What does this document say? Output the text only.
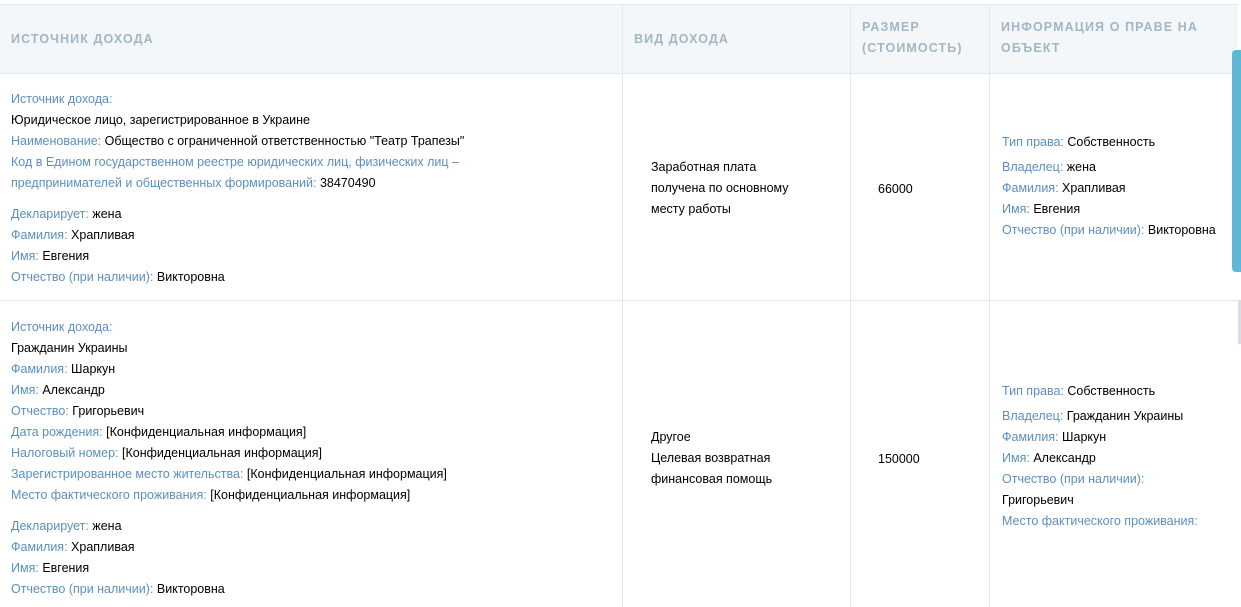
ИСТОЧНИК ДОХОДА	ВИД ДОХОДА
РАЗМЕР
(СТОИМОСТЬ)
ИНФОРМАЦИЯ О ПРАВЕ НА
ОБЪЕКТ
Источник дохода:
Юридическое лицо, зарегистрированное в Украине
Наименование: Общество с ограниченной ответственностью "Театр Трапезы"
Код в Едином государственном реестре юридических лиц, физических лиц –
предпринимателей и общественных формирований: 38470490
Декларирует: жена
Фамилия: Храпливая
Имя: Евгения
Отчество (при наличии): Викторовна
Заработная плата
получена по основному
месту работы
66000
Тип права: Собственность
Владелец: жена
Фамилия: Храпливая
Имя: Евгения
Отчество (при наличии): Викторовна
Источник дохода:
Гражданин Украины
Фамилия: Шаркун
Имя: Александр
Отчество: Григорьевич
Дата рождения: [Конфиденциальная информация]
Налоговый номер: [Конфиденциальная информация]
Зарегистрированное место жительства: [Конфиденциальная информация]
Место фактического проживания: [Конфиденциальная информация]
Декларирует: жена
Фамилия: Храпливая
Имя: Евгения
Отчество (при наличии): Викторовна
Другое
Целевая возвратная
финансовая помощь
150000
Тип права: Собственность
Владелец: Гражданин Украины
Фамилия: Шаркун
Имя: Александр
Отчество (при наличии):
Григорьевич
Место фактического проживания:
